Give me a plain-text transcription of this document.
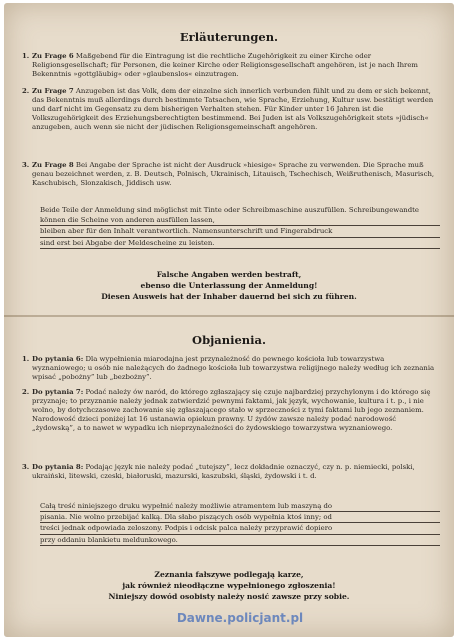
Erläuterungen.
1. Zu Frage 6 Maßgebend für die Eintragung ist die rechtliche Zugehörigkeit zu einer Kirche oder Religionsgesellschaft; für Personen, die keiner Kirche oder Religionsgesellschaft angehören, ist je nach Ihrem Bekenntnis »gottgläubig« oder »glaubenslos« einzutragen.
2. Zu Frage 7 Anzugeben ist das Volk, dem der einzelne sich innerlich verbunden fühlt und zu dem er sich bekennt, das Bekenntnis muß allerdings durch bestimmte Tatsachen, wie Sprache, Erziehung, Kultur usw. bestätigt werden und darf nicht im Gegensatz zu dem bisherigen Verhalten stehen. Für Kinder unter 16 Jahren ist die Volkszugehörigkeit des Erziehungsberechtigten bestimmend. Bei Juden ist als Volkszugehörigkeit stets »jüdisch« anzugeben, auch wenn sie nicht der jüdischen Religionsgemeinschaft angehören.
3. Zu Frage 8 Bei Angabe der Sprache ist nicht der Ausdruck »hiesige« Sprache zu verwenden. Die Sprache muß genau bezeichnet werden, z. B. Deutsch, Polnisch, Ukrainisch, Litauisch, Tschechisch, Weißruthenisch, Masurisch, Kaschubisch, Slonzakisch, Jiddisch usw.
Beide Teile der Anmeldung sind möglichst mit Tinte oder Schreibmaschine auszufüllen. Schreibungewandte können die Scheine von anderen ausfüllen lassen,
bleiben aber für den Inhalt verantwortlich. Namensunterschrift und Fingerabdruck
sind erst bei Abgabe der Meldescheine zu leisten.
Falsche Angaben werden bestraft,
ebenso die Unterlassung der Anmeldung!
Diesen Ausweis hat der Inhaber dauernd bei sich zu führen.
Objanienia.
1. Do pytania 6: Dla wypełnienia miarodajna jest przynależność do pewnego kościoła lub towarzystwa wyznaniowego; u osób nie należących do żadnego kościoła lub towarzystwa religijnego należy według ich zeznania wpisać „pobożny” lub „bezbożny”.
2. Do pytania 7: Podać należy ów naród, do którego zgłaszający się czuje najbardziej przychylonym i do którego się przyznaje; to przyznanie należy jednak zatwierdzić pewnymi faktami, jak język, wychowanie, kultura i t. p., i nie wolno, by dotychczasowe zachowanie się zgłaszającego stało w sprzeczności z tymi faktami lub jego zeznaniem. Narodowość dzieci poniżej lat 16 ustanawia opiekun prawny. U żydów zawsze należy podać narodowość „żydowską”, a to nawet w wypadku ich nieprzynależności do żydowskiego towarzystwa wyznaniowego.
3. Do pytania 8: Podając język nie należy podać „tutejszy”, lecz dokładnie oznaczyć, czy n. p. niemiecki, polski, ukraiński, litewski, czeski, białoruski, mazurski, kaszubski, śląski, żydowski i t. d.
Całą treść niniejszego druku wypełnić należy możliwie atramentem lub maszyną do
pisania. Nie wolno przebijać kalką. Dla słabo piszących osób wypełnia ktoś inny; od
treści jednak odpowiada zeloszony. Podpis i odcisk palca należy przyprawić dopiero
przy oddaniu blankietu meldunkowego.
Zeznania fałszywe podlegają karze,
jak również nieodłączne wypełnionego zgłoszenia!
Niniejszy dowód osobisty należy nosić zawsze przy sobie.
Dawne.policjant.pl
